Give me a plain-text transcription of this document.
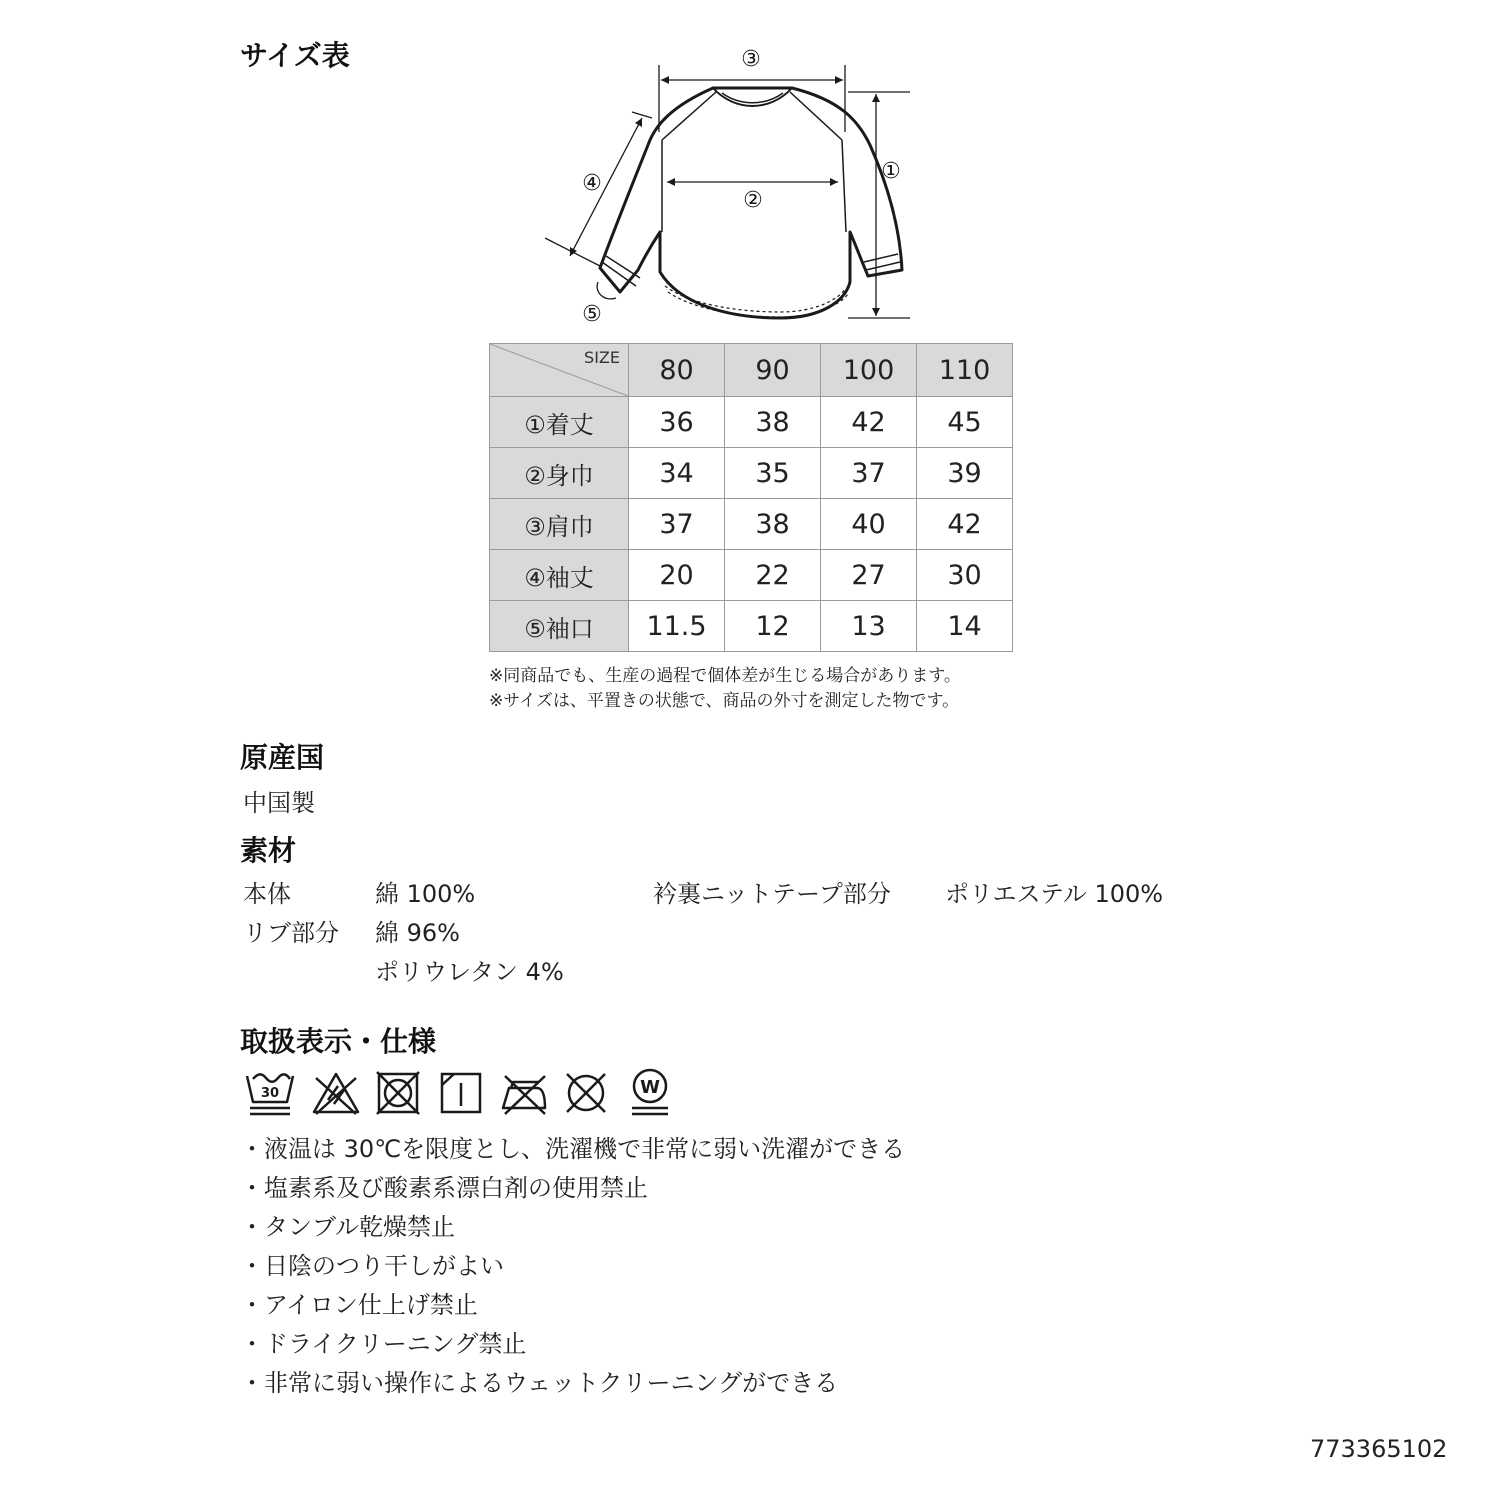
サイズ表	③
②
①
④
⑤
SIZE	80	90	100	110
①着丈	36	38	42	45
②身巾	34	35	37	39
③肩巾	37	38	40	42
④袖丈	20	22	27	30
⑤袖口	11.5	12	13	14
※同商品でも、生産の過程で個体差が生じる場合があります。
※サイズは、平置きの状態で、商品の外寸を測定した物です。
原産国
中国製
素材
本体	綿 100%	衿裏ニットテープ部分 ポリエステル 100%
リブ部分 綿 96%
ポリウレタン 4%
取扱表示・仕様
30	W
・液温は 30℃を限度とし、洗濯機で非常に弱い洗濯ができる
・塩素系及び酸素系漂白剤の使用禁止
・タンブル乾燥禁止
・日陰のつり干しがよい
・アイロン仕上げ禁止
・ドライクリーニング禁止
・非常に弱い操作によるウェットクリーニングができる
773365102
